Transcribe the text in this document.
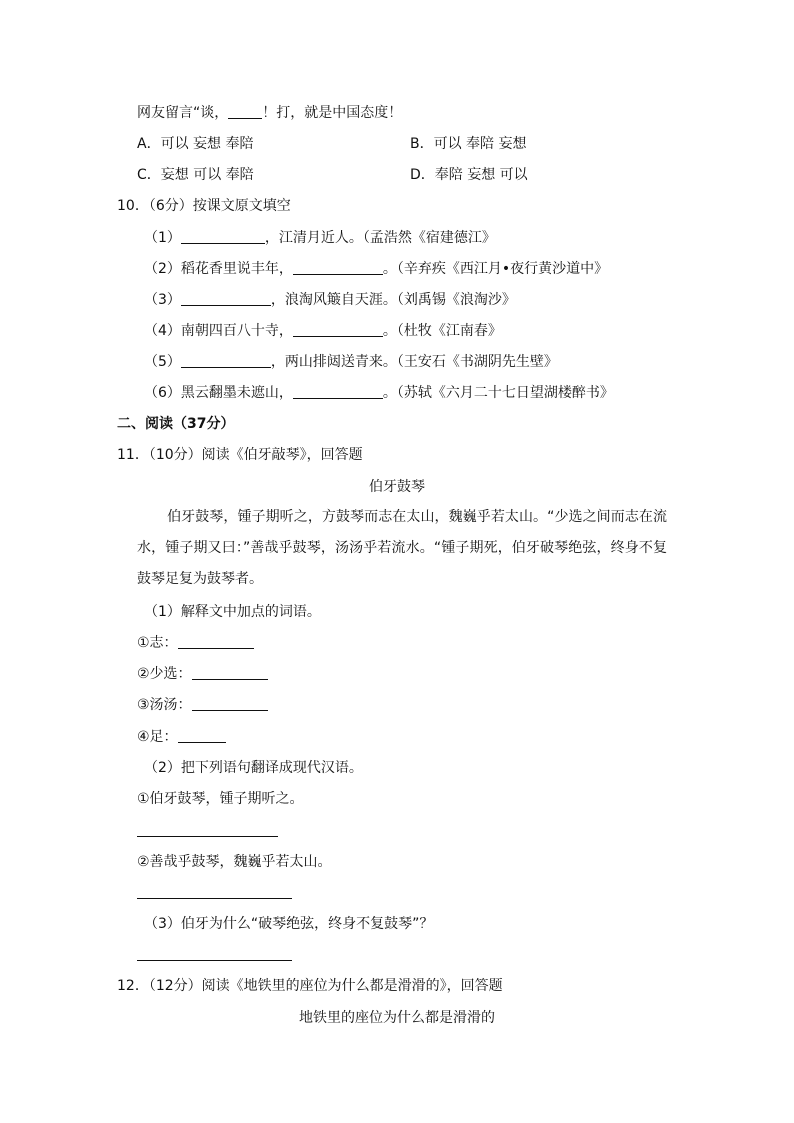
网友留言“谈， ！打，就是中国态度！
A．可以 妄想 奉陪	B．可以 奉陪 妄想
C．妄想 可以 奉陪	D．奉陪 妄想 可以
10．（6分）按课文原文填空
（1）	，江清月近人。（孟浩然《宿建德江》
（2）稻花香里说丰年，	。（辛弃疾《西江月•夜行黄沙道中》
（3）	，浪淘风簸自天涯。（刘禹锡《浪淘沙》
（4）南朝四百八十寺，	。（杜牧《江南春》
（5）	，两山排闼送青来。（王安石《书湖阴先生壁》
（6）黑云翻墨未遮山，	。（苏轼《六月二十七日望湖楼醉书》
二、阅读（37分）
11．（10分）阅读《伯牙敲琴》，回答题
伯牙鼓琴
伯牙鼓琴，锺子期听之，方鼓琴而志在太山，魏巍乎若太山。“少选之间而志在流水，锺子期又曰：”善哉乎鼓琴，汤汤乎若流水。“锺子期死，伯牙破琴绝弦，终身不复鼓琴足复为鼓琴者。
（1）解释文中加点的词语。
①志：
②少选：
③汤汤：
④足：
（2）把下列语句翻译成现代汉语。
①伯牙鼓琴，锺子期听之。
②善哉乎鼓琴，魏巍乎若太山。
（3）伯牙为什么“破琴绝弦，终身不复鼓琴”？
12．（12分）阅读《地铁里的座位为什么都是滑滑的》，回答题
地铁里的座位为什么都是滑滑的
